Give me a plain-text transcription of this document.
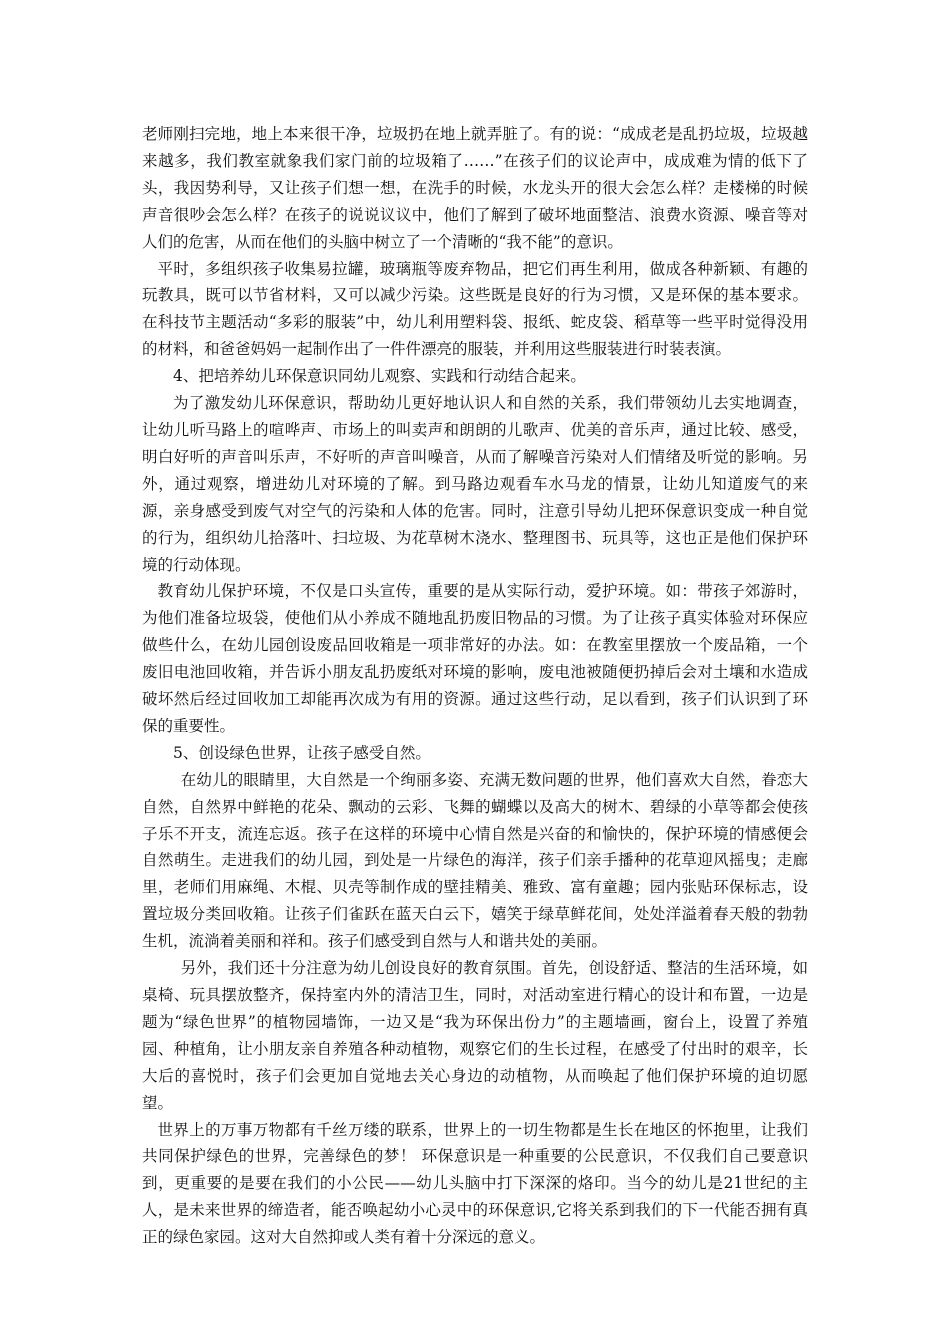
老师刚扫完地，地上本来很干净，垃圾扔在地上就弄脏了。有的说：“成成老是乱扔垃圾，垃圾越来越多，我们教室就象我们家门前的垃圾箱了……”在孩子们的议论声中，成成难为情的低下了头，我因势利导，又让孩子们想一想，在洗手的时候，水龙头开的很大会怎么样？走楼梯的时候声音很吵会怎么样？在孩子的说说议议中，他们了解到了破坏地面整洁、浪费水资源、噪音等对人们的危害，从而在他们的头脑中树立了一个清晰的“我不能”的意识。

平时，多组织孩子收集易拉罐，玻璃瓶等废弃物品，把它们再生利用，做成各种新颖、有趣的玩教具，既可以节省材料，又可以减少污染。这些既是良好的行为习惯，又是环保的基本要求。在科技节主题活动“多彩的服装”中，幼儿利用塑料袋、报纸、蛇皮袋、稻草等一些平时觉得没用的材料，和爸爸妈妈一起制作出了一件件漂亮的服装，并利用这些服装进行时装表演。

4、把培养幼儿环保意识同幼儿观察、实践和行动结合起来。

为了激发幼儿环保意识，帮助幼儿更好地认识人和自然的关系，我们带领幼儿去实地调查，让幼儿听马路上的喧哗声、市场上的叫卖声和朗朗的儿歌声、优美的音乐声，通过比较、感受，明白好听的声音叫乐声，不好听的声音叫噪音，从而了解噪音污染对人们情绪及听觉的影响。另外，通过观察，增进幼儿对环境的了解。到马路边观看车水马龙的情景，让幼儿知道废气的来源，亲身感受到废气对空气的污染和人体的危害。同时，注意引导幼儿把环保意识变成一种自觉的行为，组织幼儿拾落叶、扫垃圾、为花草树木浇水、整理图书、玩具等，这也正是他们保护环境的行动体现。

教育幼儿保护环境，不仅是口头宣传，重要的是从实际行动，爱护环境。如：带孩子郊游时，为他们准备垃圾袋，使他们从小养成不随地乱扔废旧物品的习惯。为了让孩子真实体验对环保应做些什么，在幼儿园创设废品回收箱是一项非常好的办法。如：在教室里摆放一个废品箱，一个废旧电池回收箱，并告诉小朋友乱扔废纸对环境的影响，废电池被随便扔掉后会对土壤和水造成破坏然后经过回收加工却能再次成为有用的资源。通过这些行动，足以看到，孩子们认识到了环保的重要性。

5、创设绿色世界，让孩子感受自然。

在幼儿的眼睛里，大自然是一个绚丽多姿、充满无数问题的世界，他们喜欢大自然，眷恋大自然，自然界中鲜艳的花朵、飘动的云彩、飞舞的蝴蝶以及高大的树木、碧绿的小草等都会使孩子乐不开支，流连忘返。孩子在这样的环境中心情自然是兴奋的和愉快的，保护环境的情感便会自然萌生。走进我们的幼儿园，到处是一片绿色的海洋，孩子们亲手播种的花草迎风摇曳；走廊里，老师们用麻绳、木棍、贝壳等制作成的壁挂精美、雅致、富有童趣；园内张贴环保标志，设置垃圾分类回收箱。让孩子们雀跃在蓝天白云下，嬉笑于绿草鲜花间，处处洋溢着春天般的勃勃生机，流淌着美丽和祥和。孩子们感受到自然与人和谐共处的美丽。

另外，我们还十分注意为幼儿创设良好的教育氛围。首先，创设舒适、整洁的生活环境，如桌椅、玩具摆放整齐，保持室内外的清洁卫生，同时，对活动室进行精心的设计和布置，一边是题为“绿色世界”的植物园墙饰，一边又是“我为环保出份力”的主题墙画，窗台上，设置了养殖园、种植角，让小朋友亲自养殖各种动植物，观察它们的生长过程，在感受了付出时的艰辛，长大后的喜悦时，孩子们会更加自觉地去关心身边的动植物，从而唤起了他们保护环境的迫切愿望。

世界上的万事万物都有千丝万缕的联系，世界上的一切生物都是生长在地区的怀抱里，让我们共同保护绿色的世界，完善绿色的梦！ 环保意识是一种重要的公民意识，不仅我们自己要意识到，更重要的是要在我们的小公民——幼儿头脑中打下深深的烙印。当今的幼儿是21世纪的主人，是未来世界的缔造者，能否唤起幼小心灵中的环保意识,它将关系到我们的下一代能否拥有真正的绿色家园。这对大自然抑或人类有着十分深远的意义。
